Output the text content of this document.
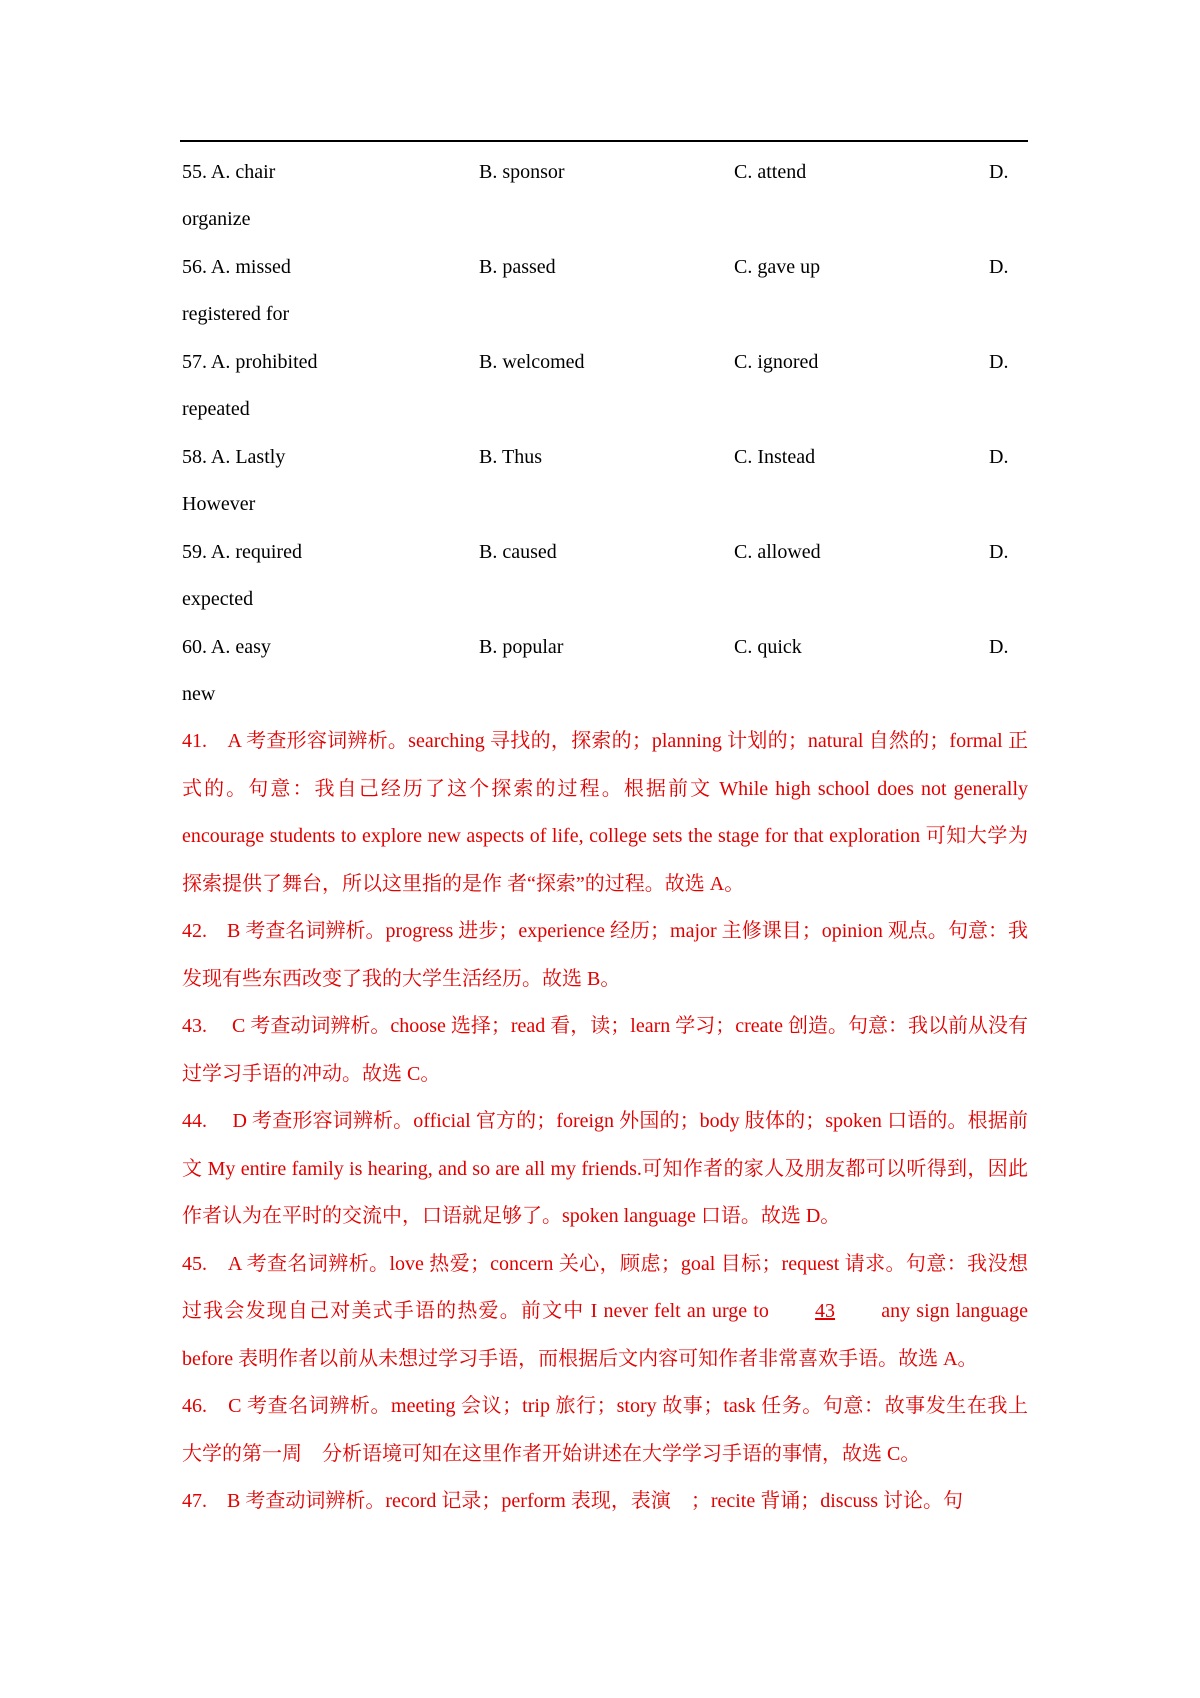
55. A. chair	B. sponsor	C. attend	D.
organize
56. A. missed	B. passed	C. gave up	D.
registered for
57. A. prohibited	B. welcomed	C. ignored	D.
repeated
58. A. Lastly	B. Thus	C. Instead	D.
However
59. A. required	B. caused	C. allowed	D.
expected
60. A. easy	B. popular	C. quick	D.
new

41.　A 考查形容词辨析。searching 寻找的，探索的；planning 计划的；natural 自然的；formal 正式的。句意：我自己经历了这个探索的过程。根据前文 While high school does not generally encourage students to explore new aspects of life, college sets the stage for that exploration 可知大学为探索提供了舞台，所以这里指的是作 者“探索”的过程。故选 A。

42.　B 考查名词辨析。progress 进步；experience 经历；major 主修课目；opinion 观点。句意：我发现有些东西改变了我的大学生活经历。故选 B。

43.　 C 考查动词辨析。choose 选择；read 看，读；learn 学习；create 创造。句意：我以前从没有过学习手语的冲动。故选 C。

44.　 D 考查形容词辨析。official 官方的；foreign 外国的；body 肢体的；spoken 口语的。根据前文 My entire family is hearing, and so are all my friends.可知作者的家人及朋友都可以听得到，因此作者认为在平时的交流中，口语就足够了。spoken language 口语。故选 D。

45.　A 考查名词辨析。love 热爱；concern 关心，顾虑；goal 目标；request 请求。句意：我没想过我会发现自己对美式手语的热爱。前文中 I never felt an urge to 43 any sign language before 表明作者以前从未想过学习手语，而根据后文内容可知作者非常喜欢手语。故选 A。

46.　C 考查名词辨析。meeting 会议；trip 旅行；story 故事；task 任务。句意：故事发生在我上大学的第一周　分析语境可知在这里作者开始讲述在大学学习手语的事情，故选 C。

47.　B 考查动词辨析。record 记录；perform 表现，表演　；recite 背诵；discuss 讨论。句
